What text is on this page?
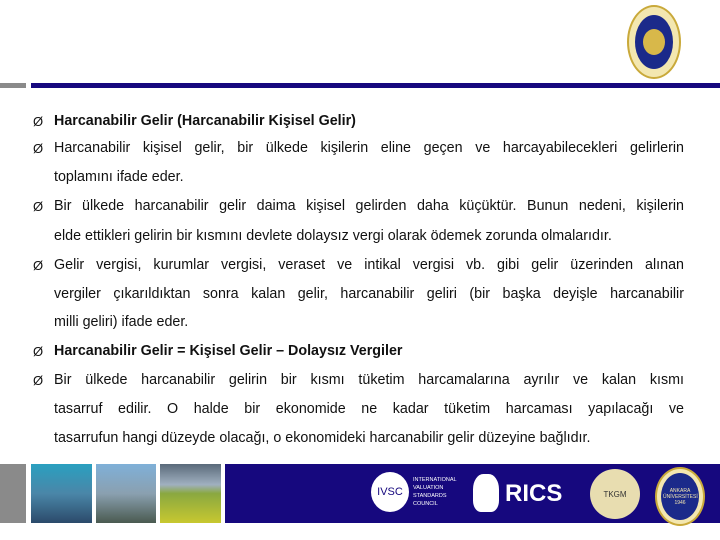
Ø Harcanabilir Gelir (Harcanabilir Kişisel Gelir)
Ø Harcanabilir kişisel gelir, bir ülkede kişilerin eline geçen ve harcayabilecekleri gelirlerin
toplamını ifade eder.
Ø Bir ülkede harcanabilir gelir daima kişisel gelirden daha küçüktür. Bunun nedeni, kişilerin
elde ettikleri gelirin bir kısmını devlete dolaysız vergi olarak ödemek zorunda olmalarıdır.
Ø Gelir vergisi, kurumlar vergisi, veraset ve intikal vergisi vb. gibi gelir üzerinden alınan
vergiler çıkarıldıktan sonra kalan gelir, harcanabilir geliri (bir başka deyişle harcanabilir
milli geliri) ifade eder.
Ø Harcanabilir Gelir = Kişisel Gelir – Dolaysız Vergiler
Ø Bir ülkede harcanabilir gelirin bir kısmı tüketim harcamalarına ayrılır ve kalan kısmı
tasarruf edilir. O halde bir ekonomide ne kadar tüketim harcaması yapılacağı ve
tasarrufun hangi düzeyde olacağı, o ekonomideki harcanabilir gelir düzeyine bağlıdır.
IVSC
INTERNATIONAL VALUATION STANDARDS COUNCIL	RICS	TKGM	ANKARA ÜNİVERSİTESİ 1946
